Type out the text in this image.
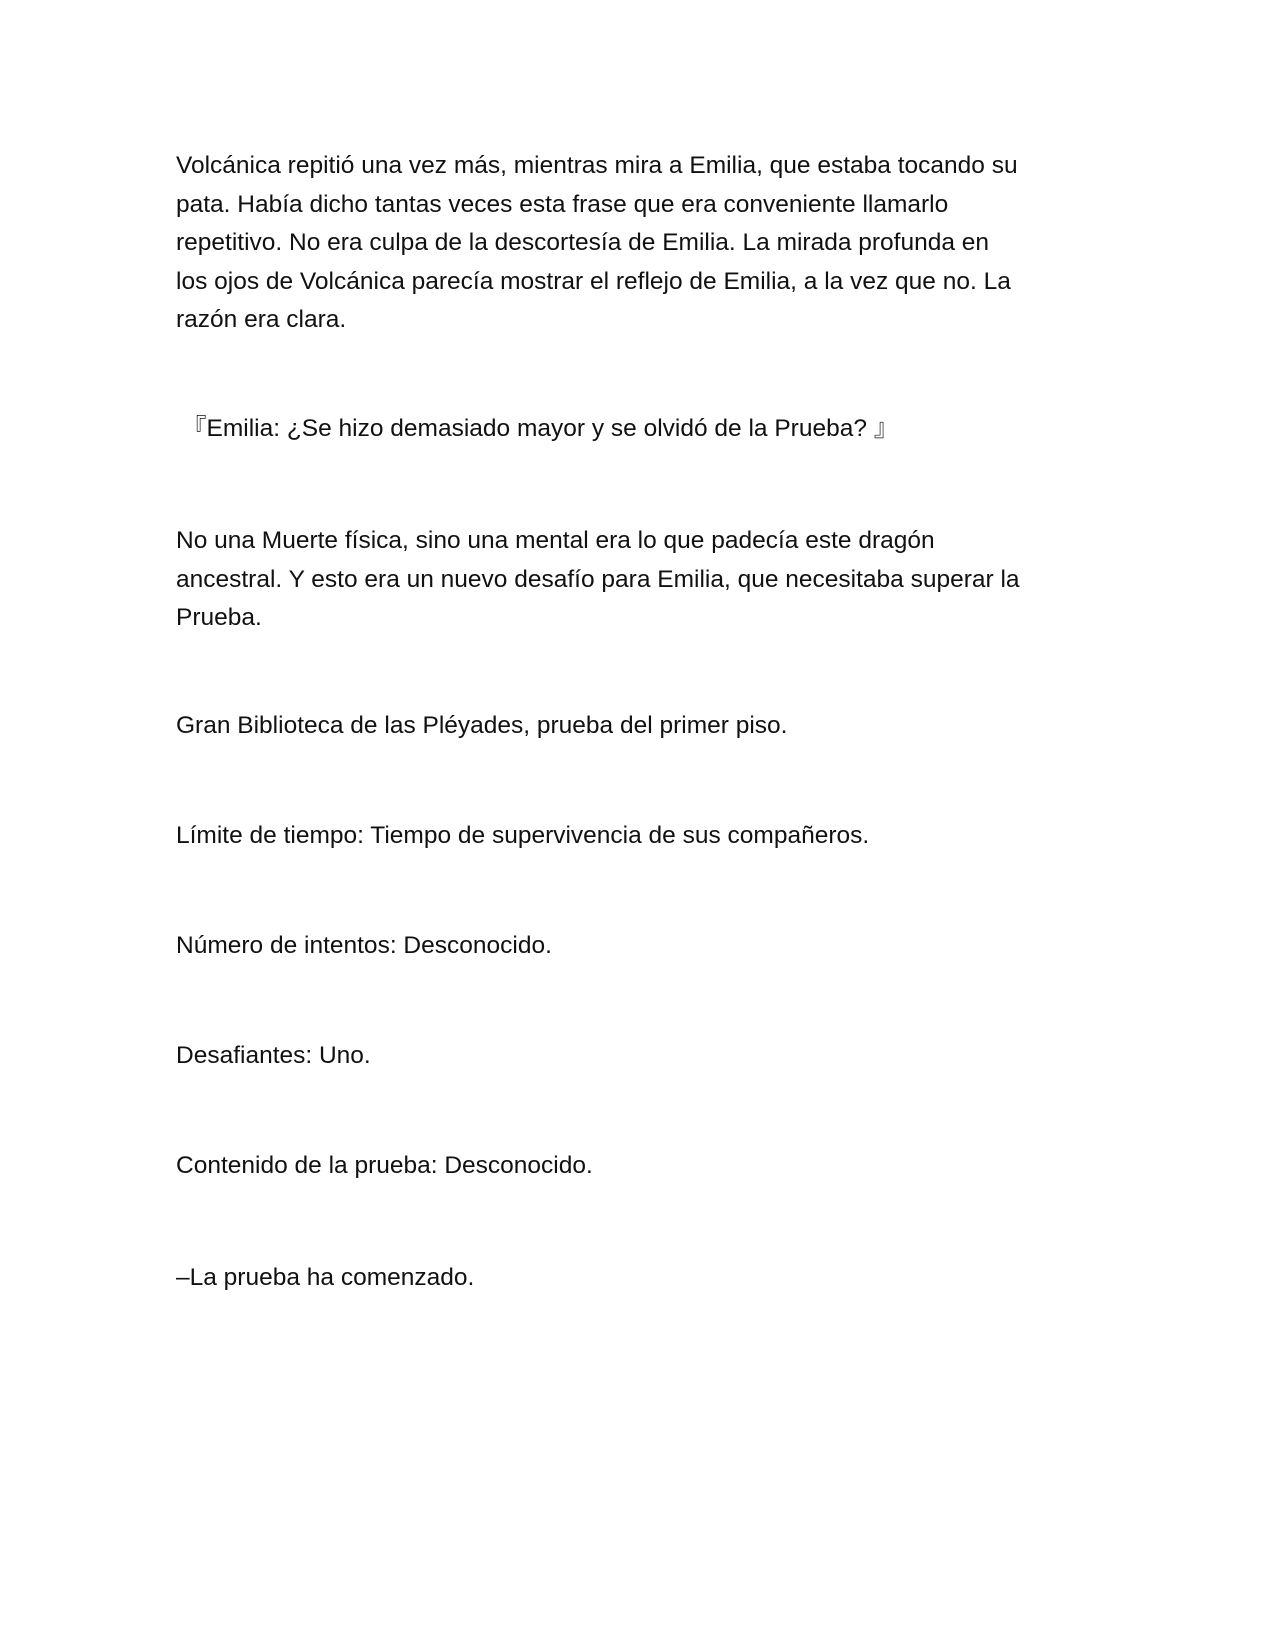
Volcánica repitió una vez más, mientras mira a Emilia, que estaba tocando su
pata. Había dicho tantas veces esta frase que era conveniente llamarlo
repetitivo. No era culpa de la descortesía de Emilia. La mirada profunda en
los ojos de Volcánica parecía mostrar el reflejo de Emilia, a la vez que no. La
razón era clara.

『Emilia: ¿Se hizo demasiado mayor y se olvidó de la Prueba? 』

No una Muerte física, sino una mental era lo que padecía este dragón
ancestral. Y esto era un nuevo desafío para Emilia, que necesitaba superar la
Prueba.

Gran Biblioteca de las Pléyades, prueba del primer piso.

Límite de tiempo: Tiempo de supervivencia de sus compañeros.

Número de intentos: Desconocido.

Desafiantes: Uno.

Contenido de la prueba: Desconocido.

–La prueba ha comenzado.
